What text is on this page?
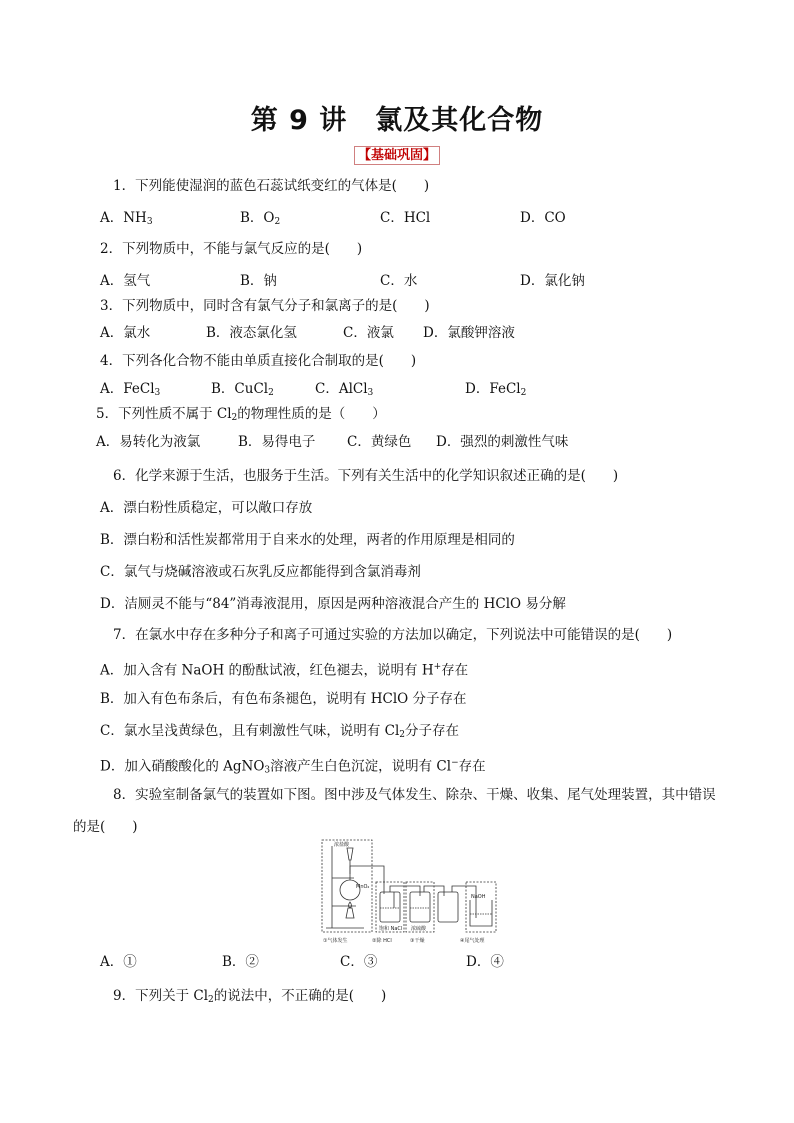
第 9 讲　氯及其化合物
【基础巩固】
1．下列能使湿润的蓝色石蕊试纸变红的气体是(　　)
A．$NH_3$	B．$O_2$	C．HCl	D．CO
2．下列物质中，不能与氯气反应的是(　　)
A．氢气	B．钠	C．水	D．氯化钠
3．下列物质中，同时含有氯气分子和氯离子的是(　　)
A．氯水	B．液态氯化氢	C．液氯 D．氯酸钾溶液
4．下列各化合物不能由单质直接化合制取的是(　　)
A．FeCl$_3$	B．CuCl$_2$	C．AlCl$_3$	D．FeCl$_2$
5．下列性质不属于 $Cl_2$的物理性质的是（　　）
A．易转化为液氯	B．易得电子 C．黄绿色 D．强烈的刺激性气味
6．化学来源于生活，也服务于生活。下列有关生活中的化学知识叙述正确的是(　　)
A．漂白粉性质稳定，可以敞口存放
B．漂白粉和活性炭都常用于自来水的处理，两者的作用原理是相同的
C．氯气与烧碱溶液或石灰乳反应都能得到含氯消毒剂
D．洁厕灵不能与“84”消毒液混用，原因是两种溶液混合产生的 HClO 易分解
7．在氯水中存在多种分子和离子可通过实验的方法加以确定，下列说法中可能错误的是(　　)
A．加入含有 NaOH 的酚酞试液，红色褪去，说明有 H+存在
B．加入有色布条后，有色布条褪色，说明有 HClO 分子存在
C．氯水呈浅黄绿色，且有刺激性气味，说明有 $Cl_2$分子存在
D．加入硝酸酸化的 AgNO$_3$溶液产生白色沉淀，说明有 Cl−存在
8．实验室制备氯气的装置如下图。图中涉及气体发生、除杂、干燥、收集、尾气处理装置，其中错误
的是(　　)
浓盐酸
MnO₂
饱和 NaCl 浓硫酸
NaOH
①气体发生	②除 HCl	③干燥	④尾气处理
A．①	B．②	C．③	D．④
9．下列关于 $Cl_2$的说法中，不正确的是(　　)
